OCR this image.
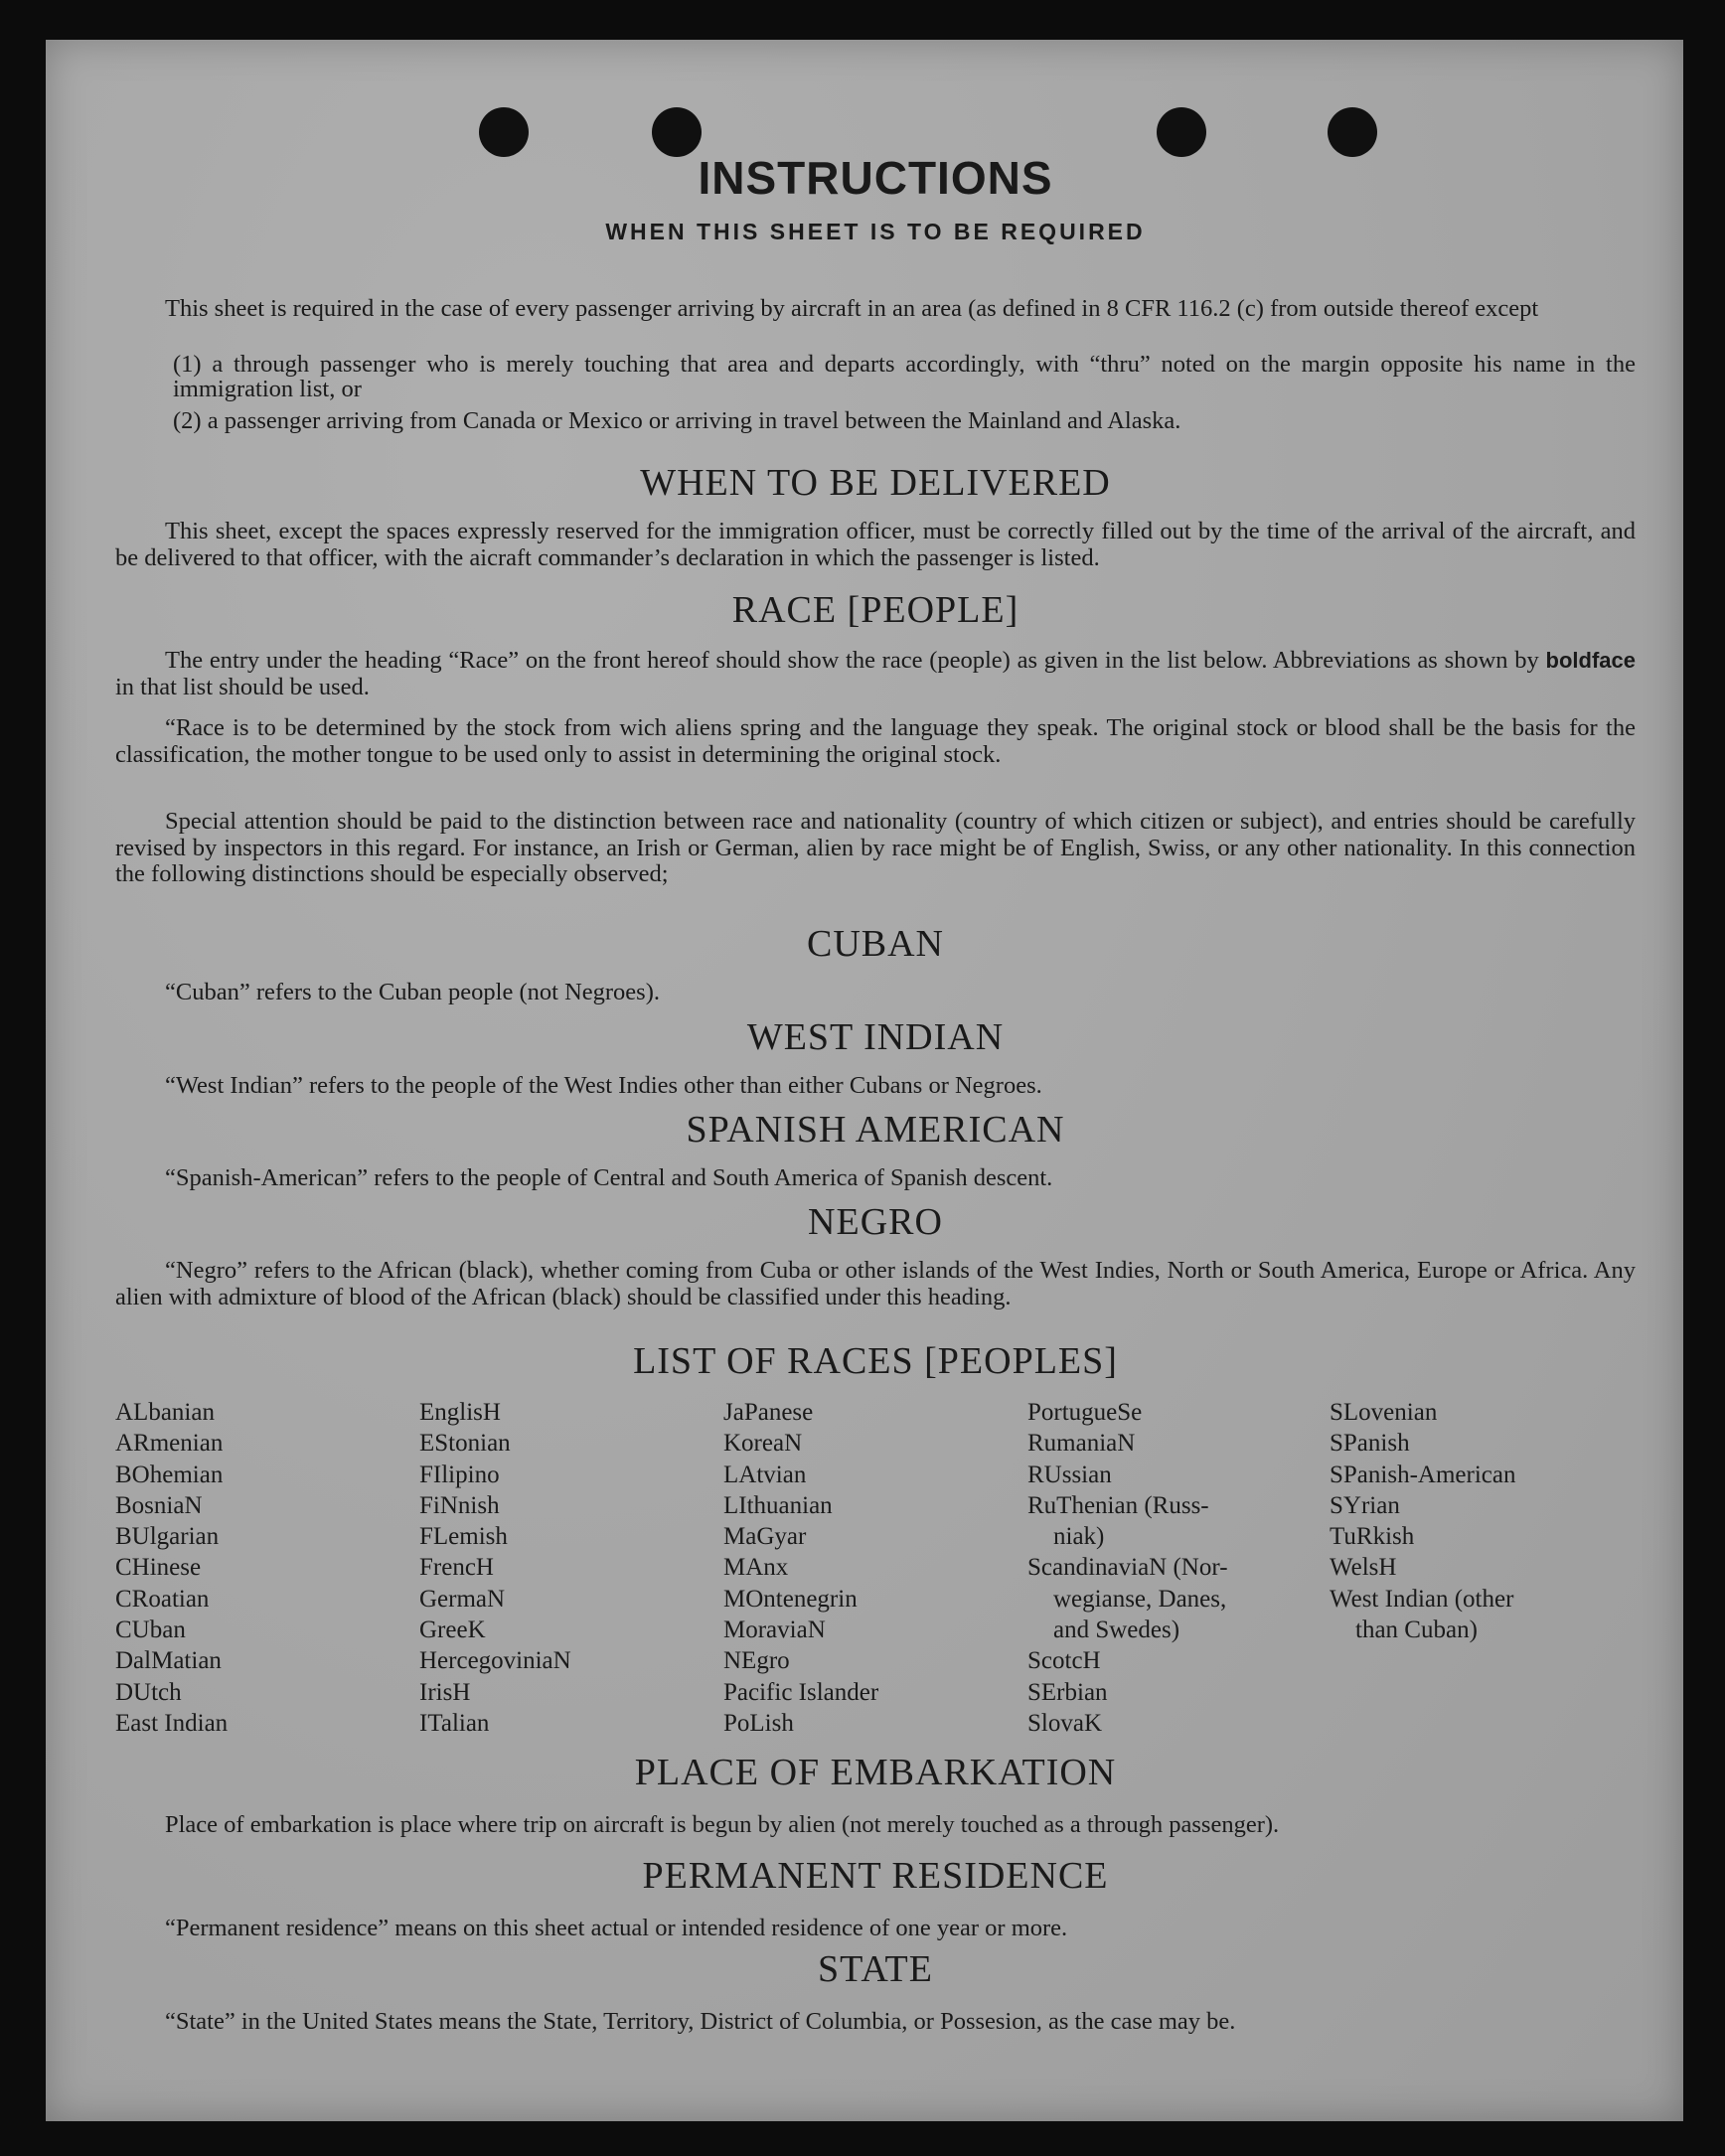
INSTRUCTIONS
WHEN THIS SHEET IS TO BE REQUIRED

This sheet is required in the case of every passenger arriving by aircraft in an area (as defined in 8 CFR 116.2 (c) from outside thereof except

(1) a through passenger who is merely touching that area and departs accordingly, with “thru” noted on the margin opposite his name in the immigration list, or

(2) a passenger arriving from Canada or Mexico or arriving in travel between the Mainland and Alaska.

WHEN TO BE DELIVERED

This sheet, except the spaces expressly reserved for the immigration officer, must be correctly filled out by the time of the arrival of the aircraft, and be delivered to that officer, with the aicraft commander’s declaration in which the passenger is listed.

RACE [PEOPLE]

The entry under the heading “Race” on the front hereof should show the race (people) as given in the list below. Abbreviations as shown by boldface in that list should be used.

“Race is to be determined by the stock from wich aliens spring and the language they speak. The original stock or blood shall be the basis for the classification, the mother tongue to be used only to assist in determining the original stock.

Special attention should be paid to the distinction between race and nationality (country of which citizen or subject), and entries should be carefully revised by inspectors in this regard. For instance, an Irish or German, alien by race might be of English, Swiss, or any other nationality. In this connection the following distinctions should be especially observed;

CUBAN

“Cuban” refers to the Cuban people (not Negroes).

WEST INDIAN

“West Indian” refers to the people of the West Indies other than either Cubans or Negroes.

SPANISH AMERICAN

“Spanish-American” refers to the people of Central and South America of Spanish descent.

NEGRO

“Negro” refers to the African (black), whether coming from Cuba or other islands of the West Indies, North or South America, Europe or Africa. Any alien with admixture of blood of the African (black) should be classified under this heading.

LIST OF RACES [PEOPLES]
ALbanian
ARmenian
BOhemian
BosniaN
BUlgarian
CHinese
CRoatian
CUban
DalMatian
DUtch
East Indian
EnglisH
EStonian
FIlipino
FiNnish
FLemish
FrencH
GermaN
GreeK
HercegoviniaN
IrisH
ITalian
JaPanese
KoreaN
LAtvian
LIthuanian
MaGyar
MAnx
MOntenegrin
MoraviaN
NEgro
Pacific Islander
PoLish
PortugueSe
RumaniaN
RUssian
RuThenian (Russ-
niak)
ScandinaviaN (Nor-
wegianse, Danes,
and Swedes)
ScotcH
SErbian
SlovaK
SLovenian
SPanish
SPanish-American
SYrian
TuRkish
WelsH
West Indian (other
than Cuban)
PLACE OF EMBARKATION

Place of embarkation is place where trip on aircraft is begun by alien (not merely touched as a through passenger).

PERMANENT RESIDENCE

“Permanent residence” means on this sheet actual or intended residence of one year or more.

STATE

“State” in the United States means the State, Territory, District of Columbia, or Possesion, as the case may be.
